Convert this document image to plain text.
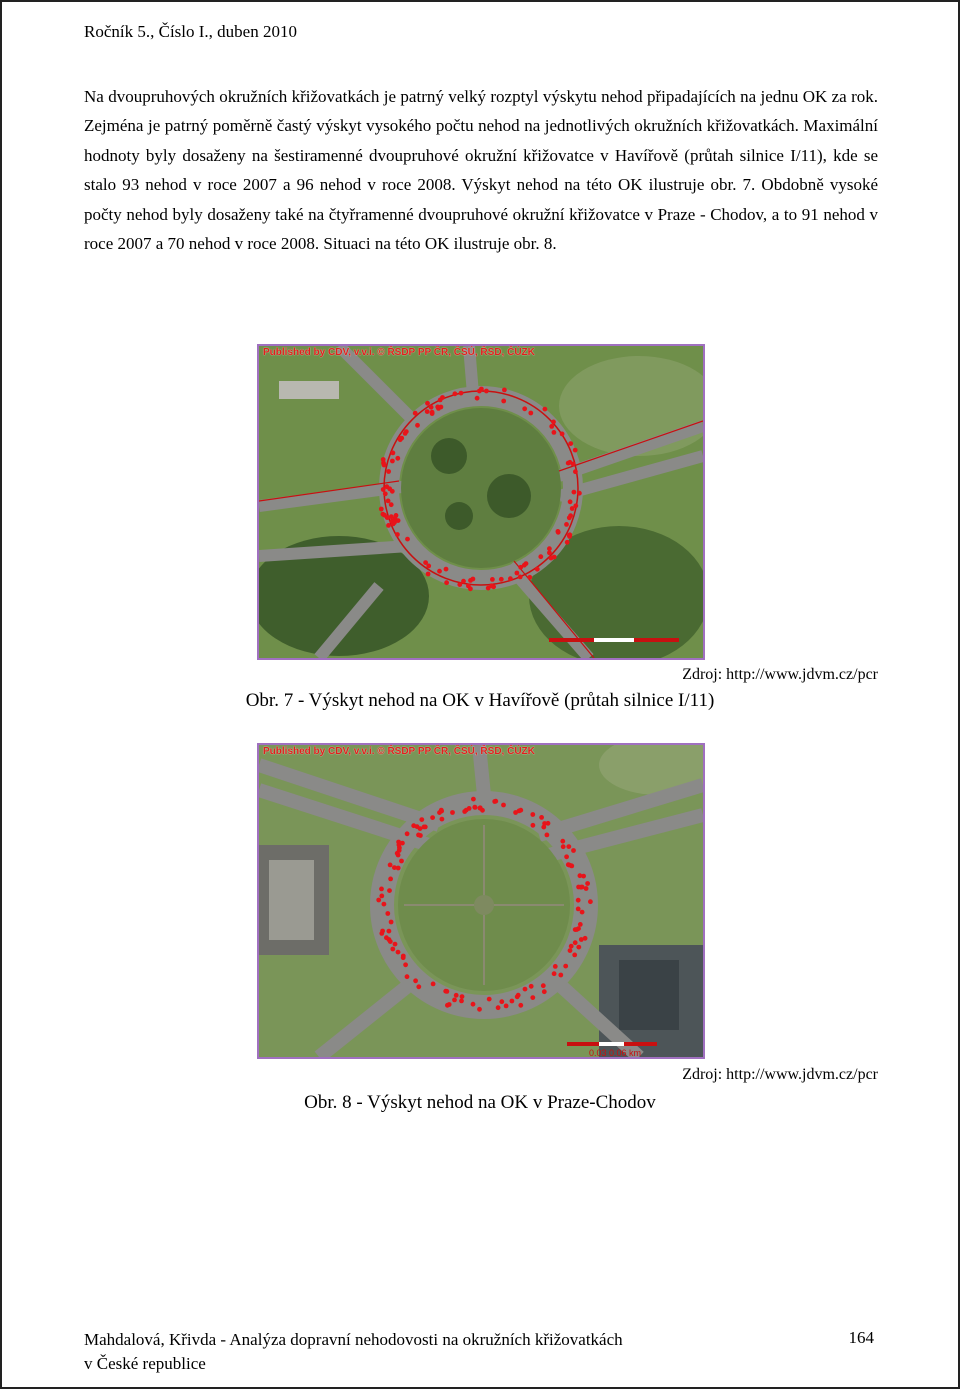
Ročník 5., Číslo I., duben 2010

Na dvoupruhových okružních křižovatkách je patrný velký rozptyl výskytu nehod připadajících na jednu OK za rok. Zejména je patrný poměrně častý výskyt vysokého počtu nehod na jednotlivých okružních křižovatkách. Maximální hodnoty byly dosaženy na šestiramenné dvoupruhové okružní křižovatce v Havířově (průtah silnice I/11), kde se stalo 93 nehod v roce 2007 a 96 nehod v roce 2008. Výskyt nehod na této OK ilustruje obr. 7. Obdobně vysoké počty nehod byly dosaženy také na čtyřramenné dvoupruhové okružní křižovatce v Praze - Chodov, a to 91 nehod v roce 2007 a 70 nehod v roce 2008. Situaci na této OK ilustruje obr. 8.

Published by CDV, v.v.i. © ŘSDP PP ČR, ČSÚ, ŘSD, ČÚZK
Zdroj: http://www.jdvm.cz/pcr
Obr. 7 - Výskyt nehod na OK v Havířově (průtah silnice I/11)
0.03 0.06 km
Published by CDV, v.v.i. © ŘSDP PP ČR, ČSÚ, ŘSD, ČÚZK
Zdroj: http://www.jdvm.cz/pcr
Obr. 8 - Výskyt nehod na OK v Praze-Chodov
Mahdalová, Křivda - Analýza dopravní nehodovosti na okružních křižovatkách
v České republice
164
